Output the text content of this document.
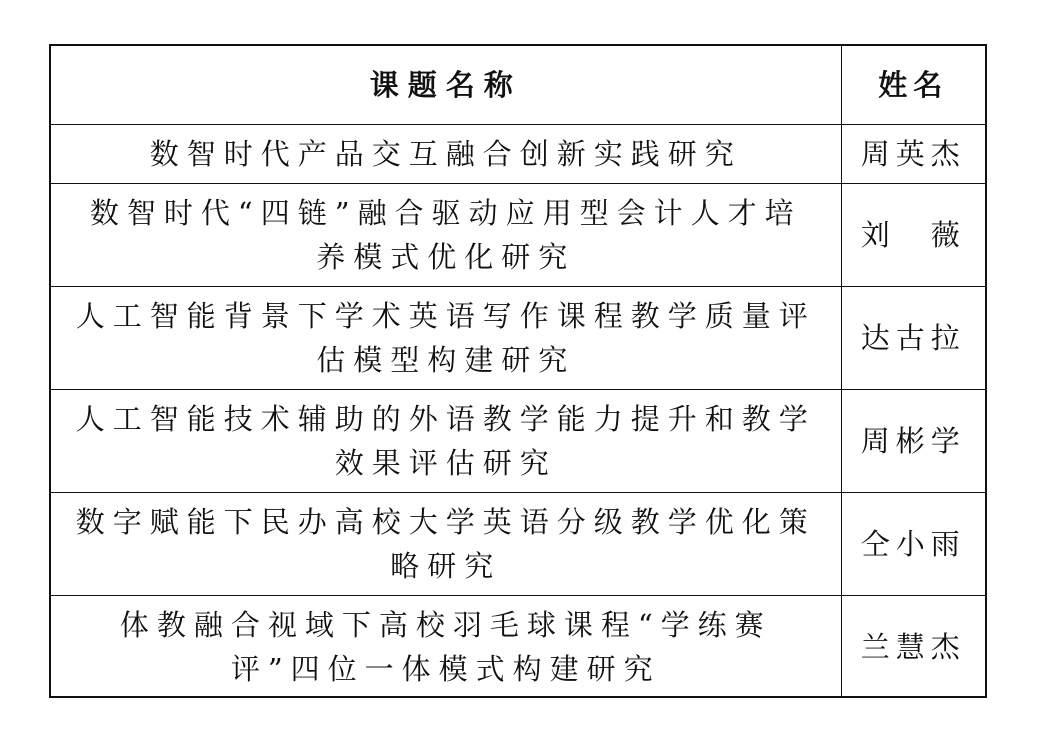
课题名称	姓名
数智时代产品交互融合创新实践研究	周英杰
数智时代“四链”融合驱动应用型会计人才培养模式优化研究	刘　薇
人工智能背景下学术英语写作课程教学质量评估模型构建研究	达古拉
人工智能技术辅助的外语教学能力提升和教学效果评估研究	周彬学
数字赋能下民办高校大学英语分级教学优化策略研究	仝小雨
体教融合视域下高校羽毛球课程“学练赛评”四位一体模式构建研究	兰慧杰
